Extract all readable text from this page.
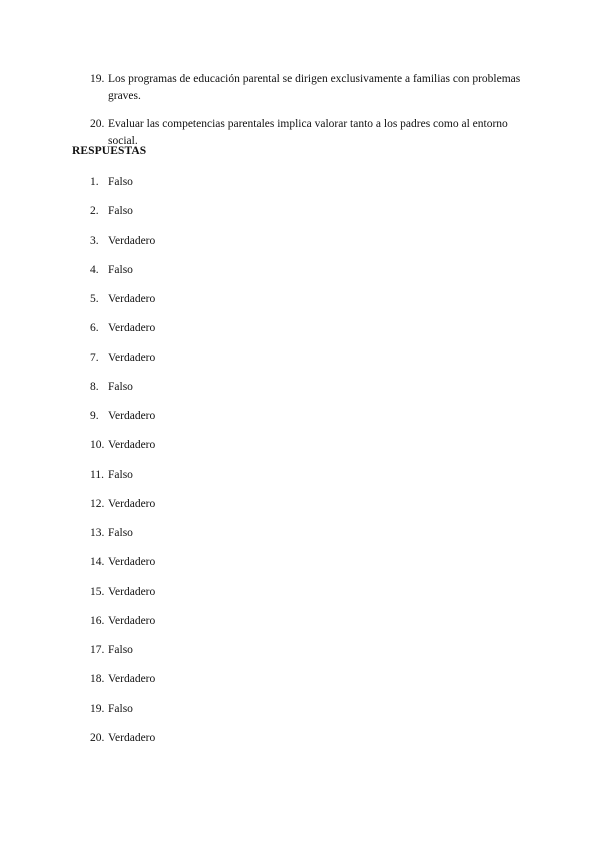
19. Los programas de educación parental se dirigen exclusivamente a familias con problemas graves.
20. Evaluar las competencias parentales implica valorar tanto a los padres como al entorno social.
RESPUESTAS
1. Falso
2. Falso
3. Verdadero
4. Falso
5. Verdadero
6. Verdadero
7. Verdadero
8. Falso
9. Verdadero
10. Verdadero
11. Falso
12. Verdadero
13. Falso
14. Verdadero
15. Verdadero
16. Verdadero
17. Falso
18. Verdadero
19. Falso
20. Verdadero
